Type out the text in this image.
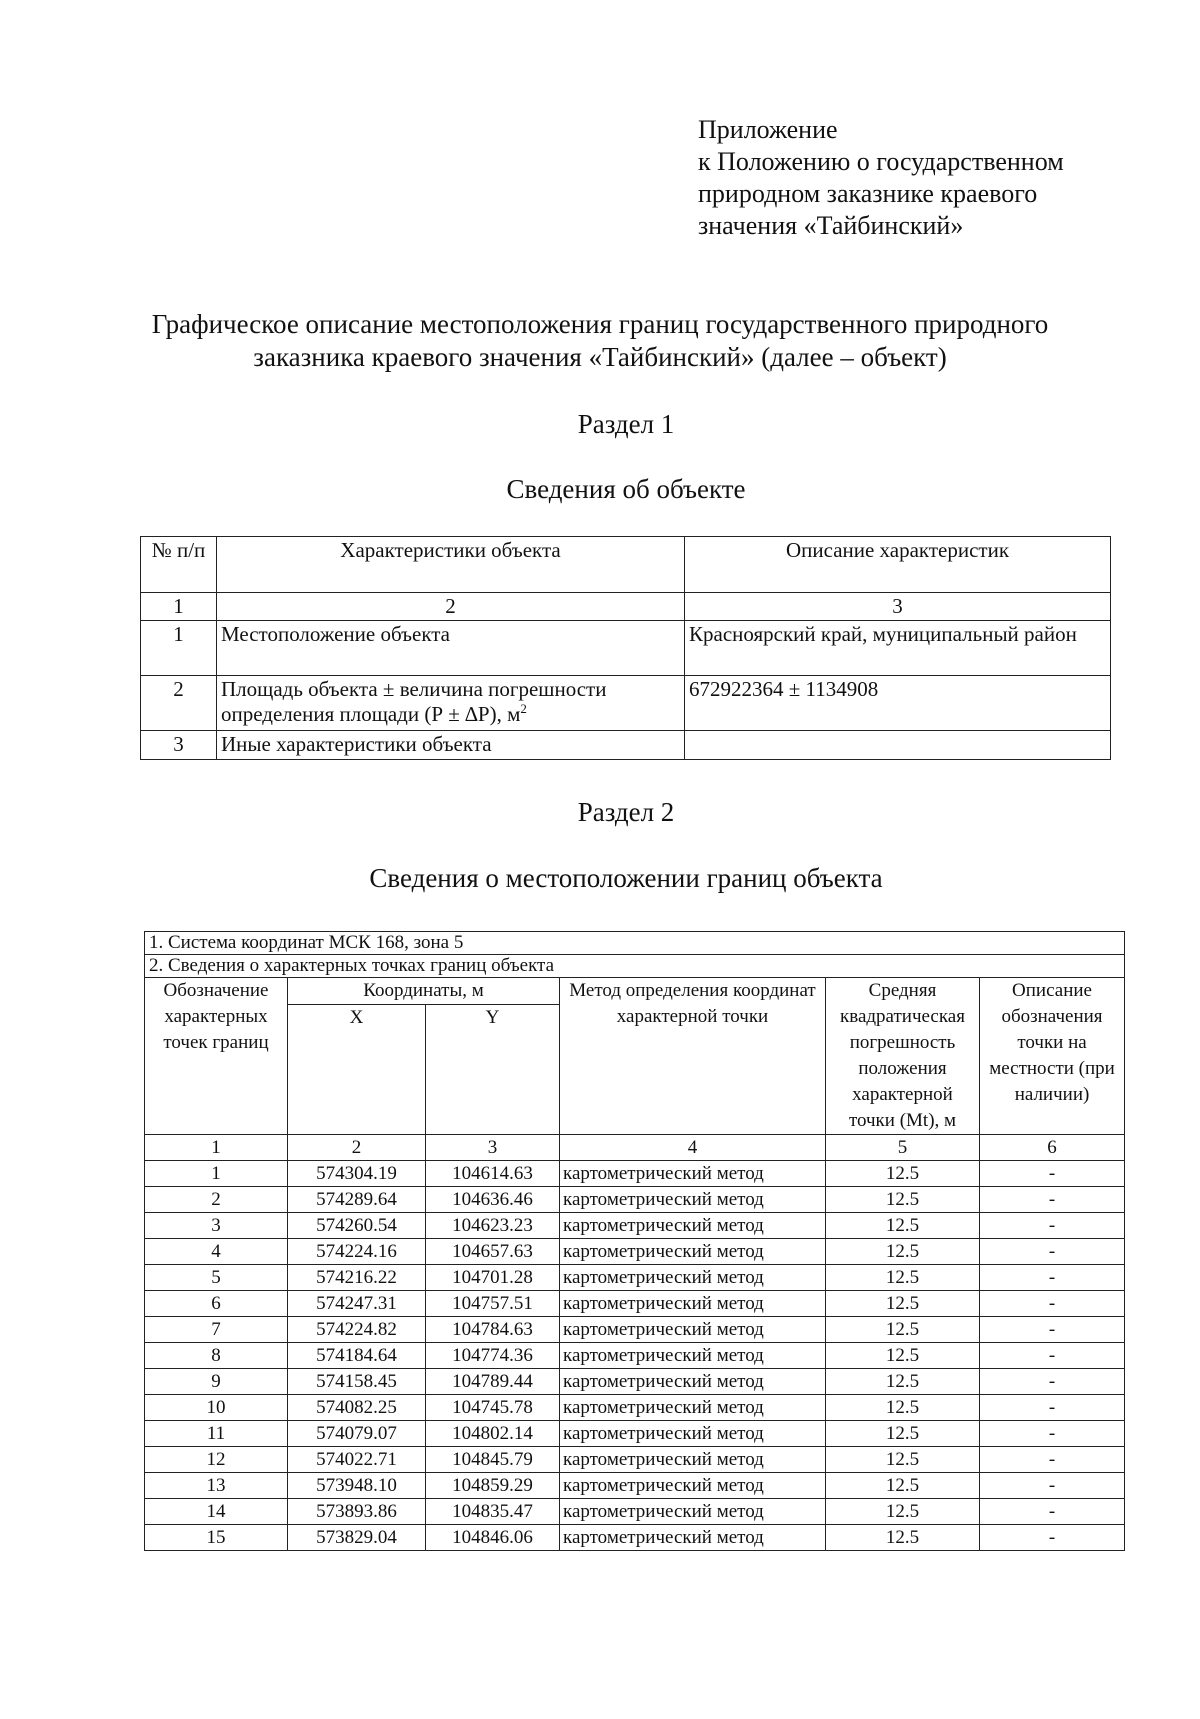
Приложение
к Положению о государственном
природном заказнике краевого
значения «Тайбинский»
Графическое описание местоположения границ государственного природного
заказника краевого значения «Тайбинский» (далее – объект)
Раздел 1
Сведения об объекте
№ п/п	Характеристики объекта	Описание характеристик
1	2	3
1	Местоположение объекта	Красноярский край, муниципальный район
2	Площадь объекта ± величина погрешности определения площади (Р ± ∆Р), $м^2$	672922364 ± 1134908
3	Иные характеристики объекта	
Раздел 2
Сведения о местоположении границ объекта
1. Система координат МСК 168, зона 5					
2. Сведения о характерных точках границ объекта					
Обозначение характерных точек границ	Координаты, м		Метод определения координат характерной точки	Средняя квадратическая погрешность положения характерной точки (Mt), м	Описание обозначения точки на местности (при наличии)
	X	Y			
1	2	3	4	5	6
1	574304.19	104614.63	картометрический метод	12.5	-
2	574289.64	104636.46	картометрический метод	12.5	-
3	574260.54	104623.23	картометрический метод	12.5	-
4	574224.16	104657.63	картометрический метод	12.5	-
5	574216.22	104701.28	картометрический метод	12.5	-
6	574247.31	104757.51	картометрический метод	12.5	-
7	574224.82	104784.63	картометрический метод	12.5	-
8	574184.64	104774.36	картометрический метод	12.5	-
9	574158.45	104789.44	картометрический метод	12.5	-
10	574082.25	104745.78	картометрический метод	12.5	-
11	574079.07	104802.14	картометрический метод	12.5	-
12	574022.71	104845.79	картометрический метод	12.5	-
13	573948.10	104859.29	картометрический метод	12.5	-
14	573893.86	104835.47	картометрический метод	12.5	-
15	573829.04	104846.06	картометрический метод	12.5	-
